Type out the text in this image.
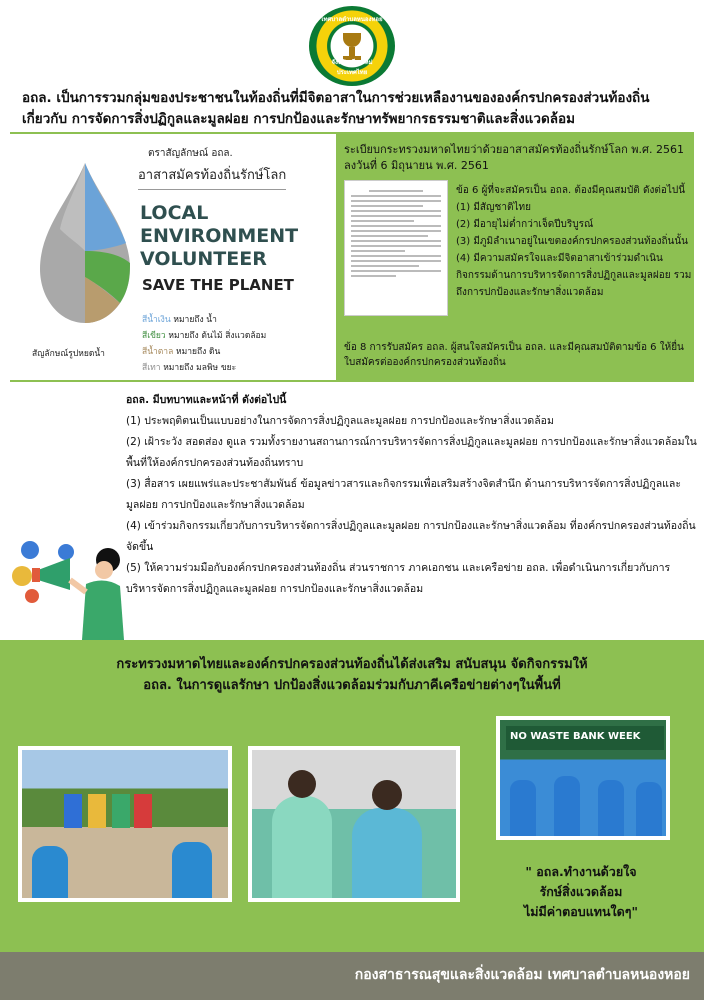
เทศบาลตำบลหนองหอย
จังหวัดเชียงใหม่ ประเทศไทย
อถล. เป็นการรวมกลุ่มของประชาชนในท้องถิ่นที่มีจิตอาสาในการช่วยเหลืองานขององค์กรปกครองส่วนท้องถิ่น
เกี่ยวกับ การจัดการสิ่งปฏิกูลและมูลฝอย การปกป้องและรักษาทรัพยากรธรรมชาติและสิ่งแวดล้อม
ตราสัญลักษณ์ อถล.
อาสาสมัครท้องถิ่นรักษ์โลก
LOCAL
ENVIRONMENT
VOLUNTEER
SAVE THE PLANET
สีน้ำเงิน หมายถึง น้ำ
สีเขียว หมายถึง ต้นไม้ สิ่งแวดล้อม
สีน้ำตาล หมายถึง ดิน
สีเทา หมายถึง มลพิษ ขยะ
สัญลักษณ์รูปหยดน้ำ
ระเบียบกระทรวงมหาดไทยว่าด้วยอาสาสมัครท้องถิ่นรักษ์โลก พ.ศ. 2561
ลงวันที่ 6 มิถุนายน พ.ศ. 2561
ข้อ 6 ผู้ที่จะสมัครเป็น อถล. ต้องมีคุณสมบัติ ดังต่อไปนี้
(1) มีสัญชาติไทย
(2) มีอายุไม่ต่ำกว่าเจ็ดปีบริบูรณ์
(3) มีภูมิลำเนาอยู่ในเขตองค์กรปกครองส่วนท้องถิ่นนั้น
(4) มีความสมัครใจและมีจิตอาสาเข้าร่วมดำเนิน กิจกรรมด้านการบริหารจัดการสิ่งปฏิกูลและมูลฝอย รวมถึงการปกป้องและรักษาสิ่งแวดล้อม
ข้อ 8 การรับสมัคร อถล. ผู้สนใจสมัครเป็น อถล. และมีคุณสมบัติตามข้อ 6 ให้ยื่นใบสมัครต่อองค์กรปกครองส่วนท้องถิ่น
อถล. มีบทบาทและหน้าที่ ดังต่อไปนี้
(1) ประพฤติตนเป็นแบบอย่างในการจัดการสิ่งปฏิกูลและมูลฝอย การปกป้องและรักษาสิ่งแวดล้อม
(2) เฝ้าระวัง สอดส่อง ดูแล รวมทั้งรายงานสถานการณ์การบริหารจัดการสิ่งปฏิกูลและมูลฝอย การปกป้องและรักษาสิ่งแวดล้อมในพื้นที่ให้องค์กรปกครองส่วนท้องถิ่นทราบ
(3) สื่อสาร เผยแพร่และประชาสัมพันธ์ ข้อมูลข่าวสารและกิจกรรมเพื่อเสริมสร้างจิตสำนึก ด้านการบริหารจัดการสิ่งปฏิกูลและมูลฝอย การปกป้องและรักษาสิ่งแวดล้อม
(4) เข้าร่วมกิจกรรมเกี่ยวกับการบริหารจัดการสิ่งปฏิกูลและมูลฝอย การปกป้องและรักษาสิ่งแวดล้อม ที่องค์กรปกครองส่วนท้องถิ่นจัดขึ้น
(5) ให้ความร่วมมือกับองค์กรปกครองส่วนท้องถิ่น ส่วนราชการ ภาคเอกชน และเครือข่าย อถล. เพื่อดำเนินการเกี่ยวกับการบริหารจัดการสิ่งปฏิกูลและมูลฝอย การปกป้องและรักษาสิ่งแวดล้อม
กระทรวงมหาดไทยและองค์กรปกครองส่วนท้องถิ่นได้ส่งเสริม สนับสนุน จัดกิจกรรมให้
อถล. ในการดูแลรักษา ปกป้องสิ่งแวดล้อมร่วมกับภาคีเครือข่ายต่างๆในพื้นที่
NO WASTE BANK WEEK
" อถล.ทำงานด้วยใจ
รักษ์สิ่งแวดล้อม
ไม่มีค่าตอบแทนใดๆ"
กองสาธารณสุขและสิ่งแวดล้อม เทศบาลตำบลหนองหอย
